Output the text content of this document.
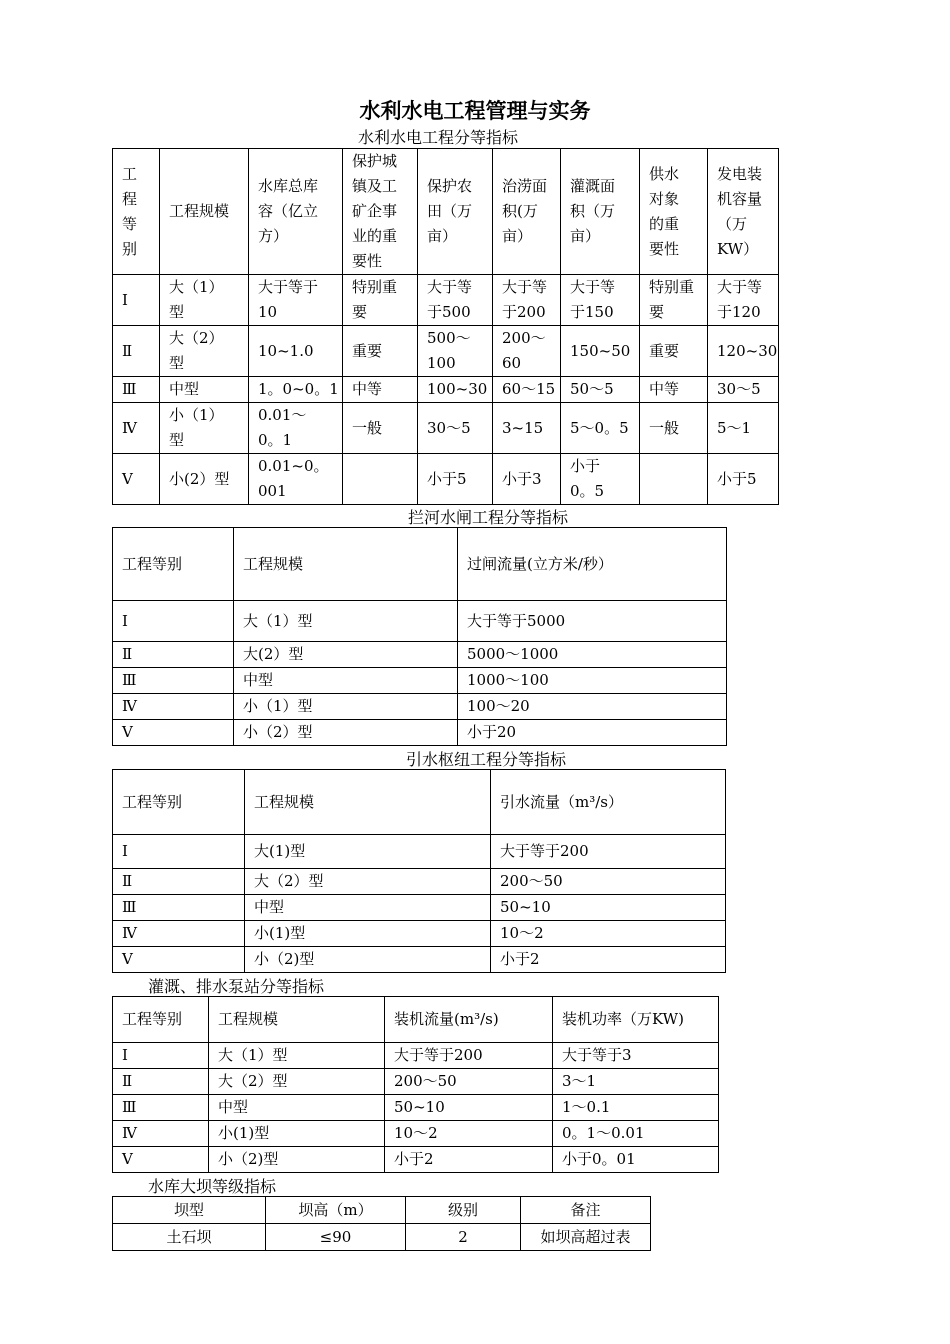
水利水电工程管理与实务
水利水电工程分等指标
工程等别	工程规模	水库总库容（亿立方）	保护城镇及工矿企事业的重要性	保护农田（万亩）	治涝面积(万亩）	灌溉面积（万亩）	供水对象的重要性	发电装机容量（万KW）
Ⅰ	大（1）型	大于等于10	特别重要	大于等于500	大于等于200	大于等于150	特别重要	大于等于120
Ⅱ	大（2）型	10~1.0	重要	500～100	200～60	150~50	重要	120~30
Ⅲ	中型	1。0~0。1	中等	100~30	60～15	50～5	中等	30～5
Ⅳ	小（1）型	0.01～0。1	一般	30～5	3~15	5～0。5	一般	5～1
Ⅴ	小(2）型	0.01~0。001		小于5	小于3	小于0。5		小于5
拦河水闸工程分等指标
工程等别	工程规模	过闸流量(立方米/秒）
Ⅰ	大（1）型	大于等于5000
Ⅱ	大(2）型	5000～1000
Ⅲ	中型	1000～100
Ⅳ	小（1）型	100～20
Ⅴ	小（2）型	小于20
引水枢纽工程分等指标
工程等别	工程规模	引水流量（m³/s）
Ⅰ	大(1)型	大于等于200
Ⅱ	大（2）型	200～50
Ⅲ	中型	50~10
Ⅳ	小(1)型	10～2
Ⅴ	小（2)型	小于2
灌溉、排水泵站分等指标
工程等别	工程规模	装机流量(m³/s)	装机功率（万KW)
Ⅰ	大（1）型	大于等于200	大于等于3
Ⅱ	大（2）型	200～50	3～1
Ⅲ	中型	50~10	1～0.1
Ⅳ	小(1)型	10～2	0。1～0.01
Ⅴ	小（2)型	小于2	小于0。01
水库大坝等级指标
坝型	坝高（m）	级别	备注
土石坝	≤90	2	如坝高超过表
